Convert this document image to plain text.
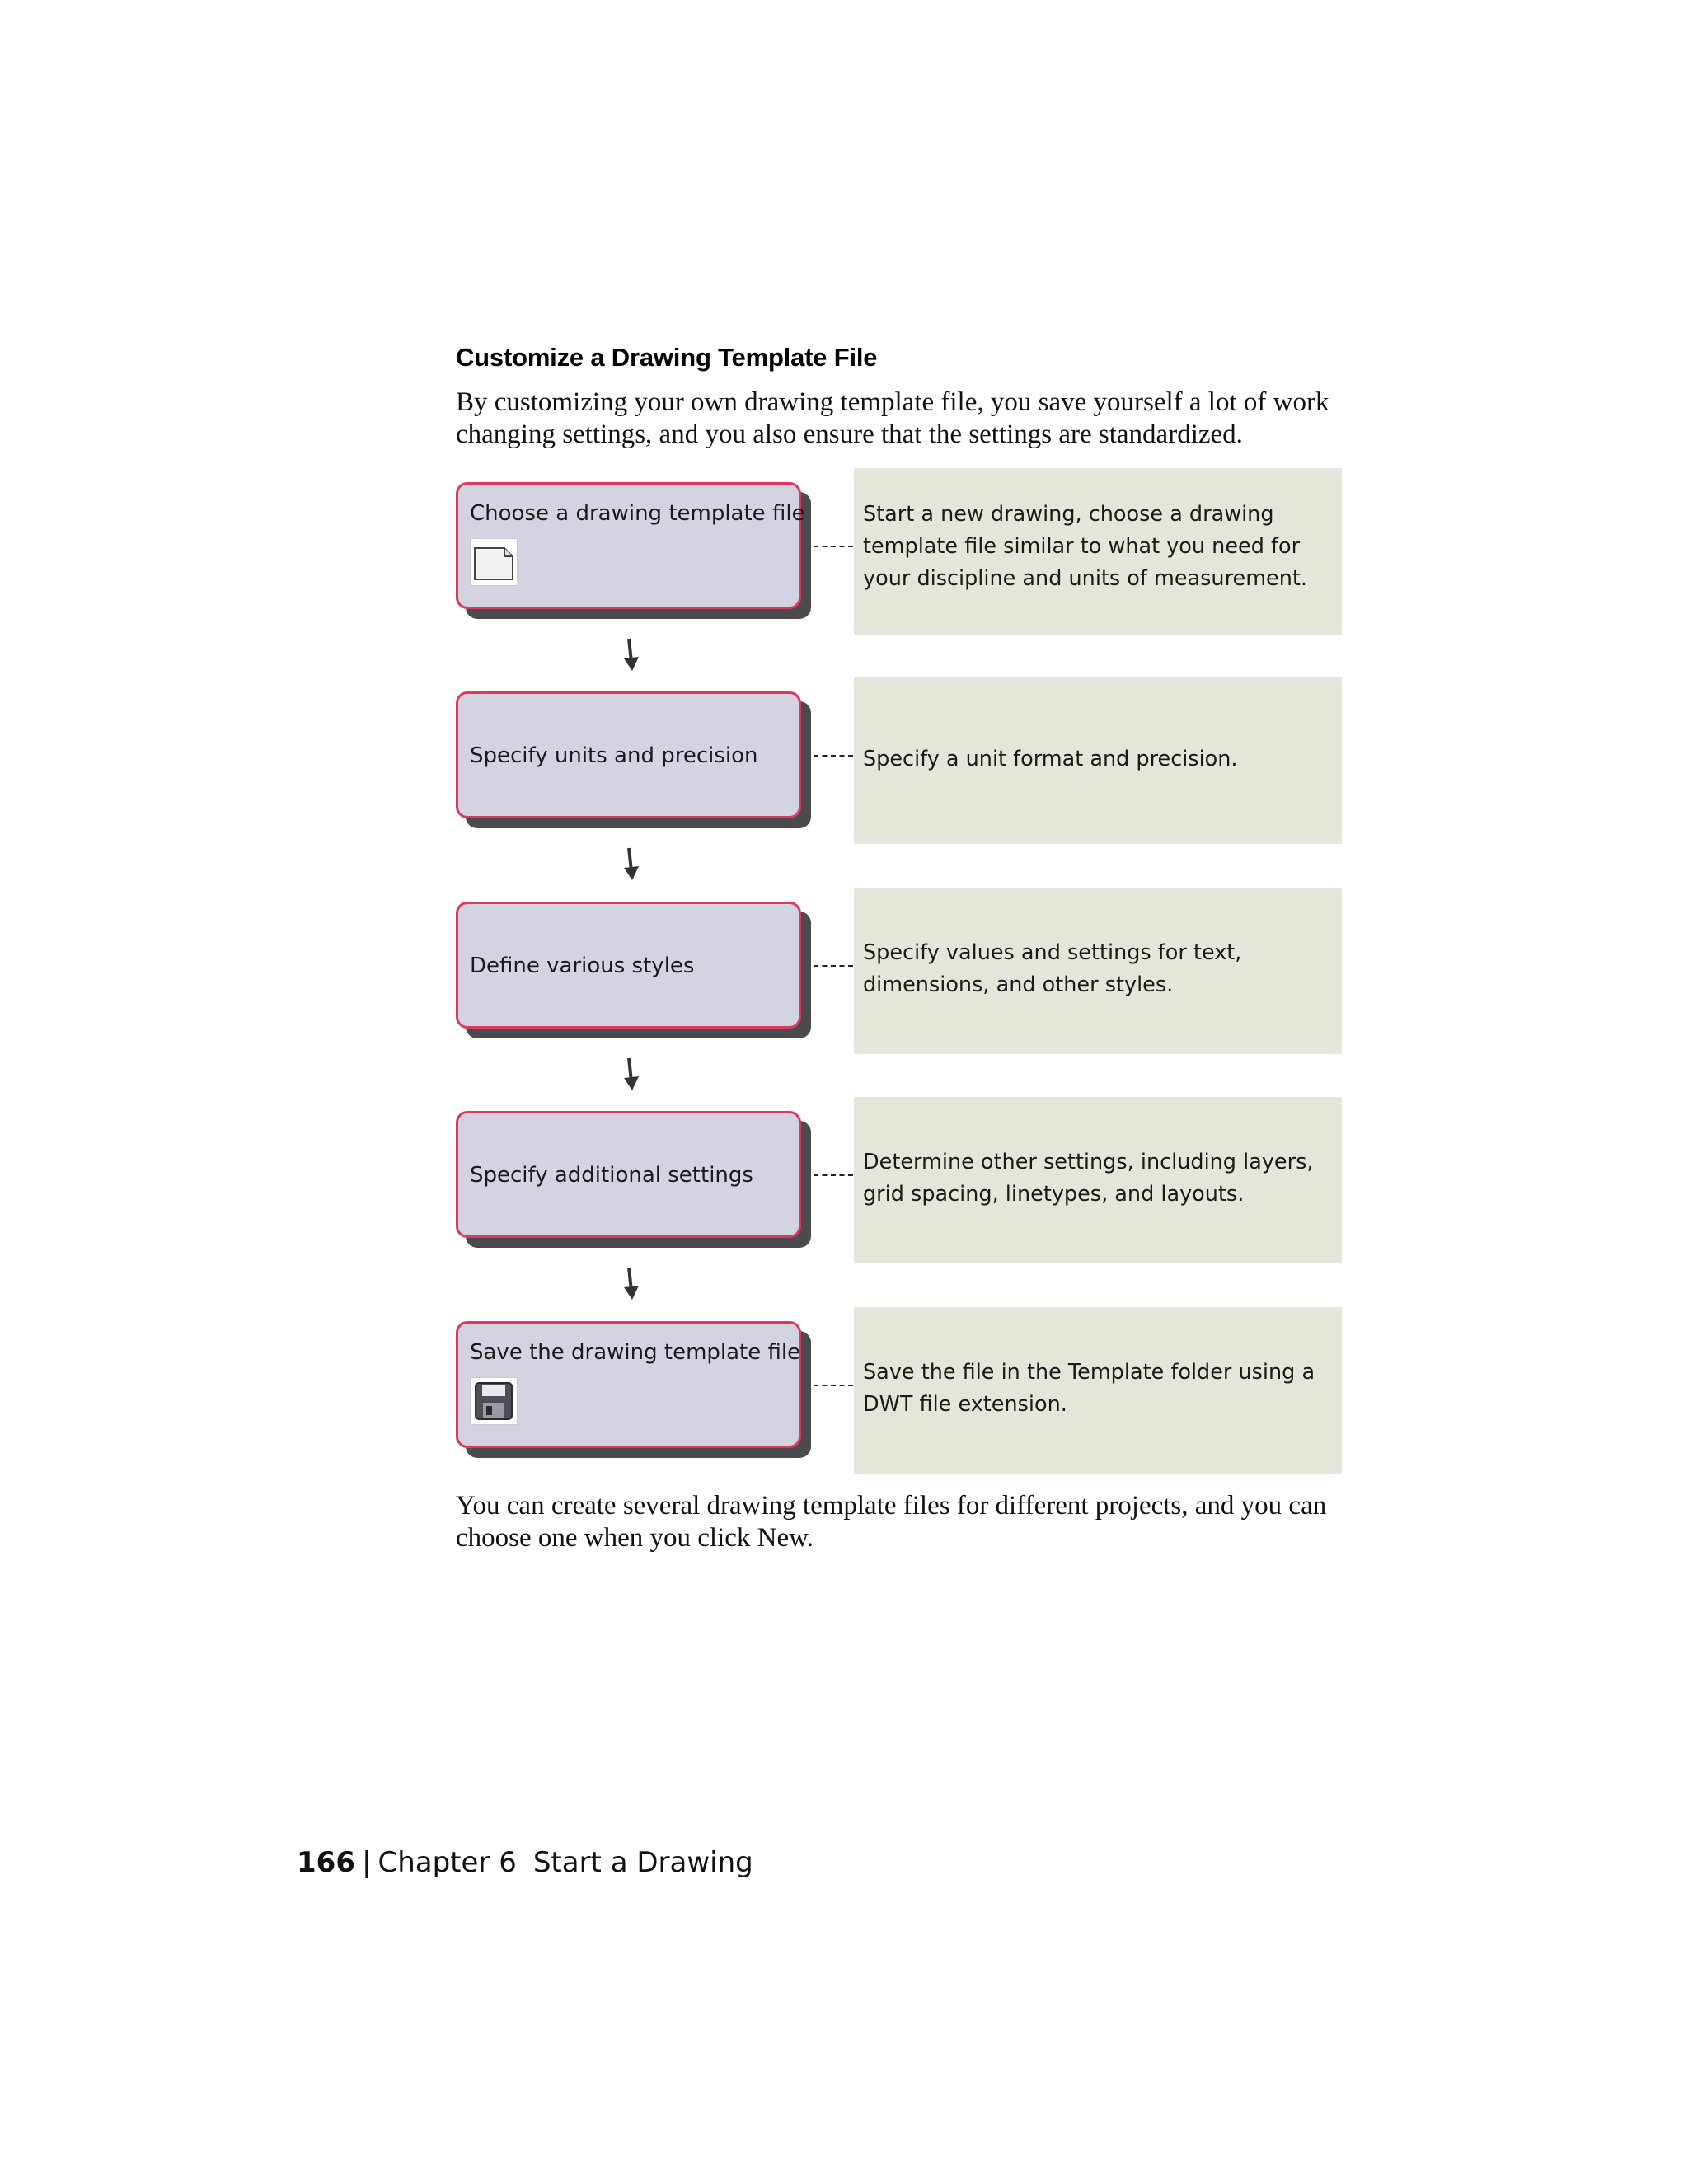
Customize a Drawing Template File

By customizing your own drawing template file, you save yourself a lot of work changing settings, and you also ensure that the settings are standardized.

Choose a drawing template file	Start a new drawing, choose a drawing template file similar to what you need for your discipline and units of measurement.

Specify units and precision	Specify a unit format and precision.

Define various styles

Specify values and settings for text, dimensions, and other styles.

Specify additional settings

Determine other settings, including layers, grid spacing, linetypes, and layouts.

Save the drawing template file

Save the file in the Template folder using a DWT file extension.

You can create several drawing template files for different projects, and you can choose one when you click New.

166 | Chapter 6 Start a Drawing
